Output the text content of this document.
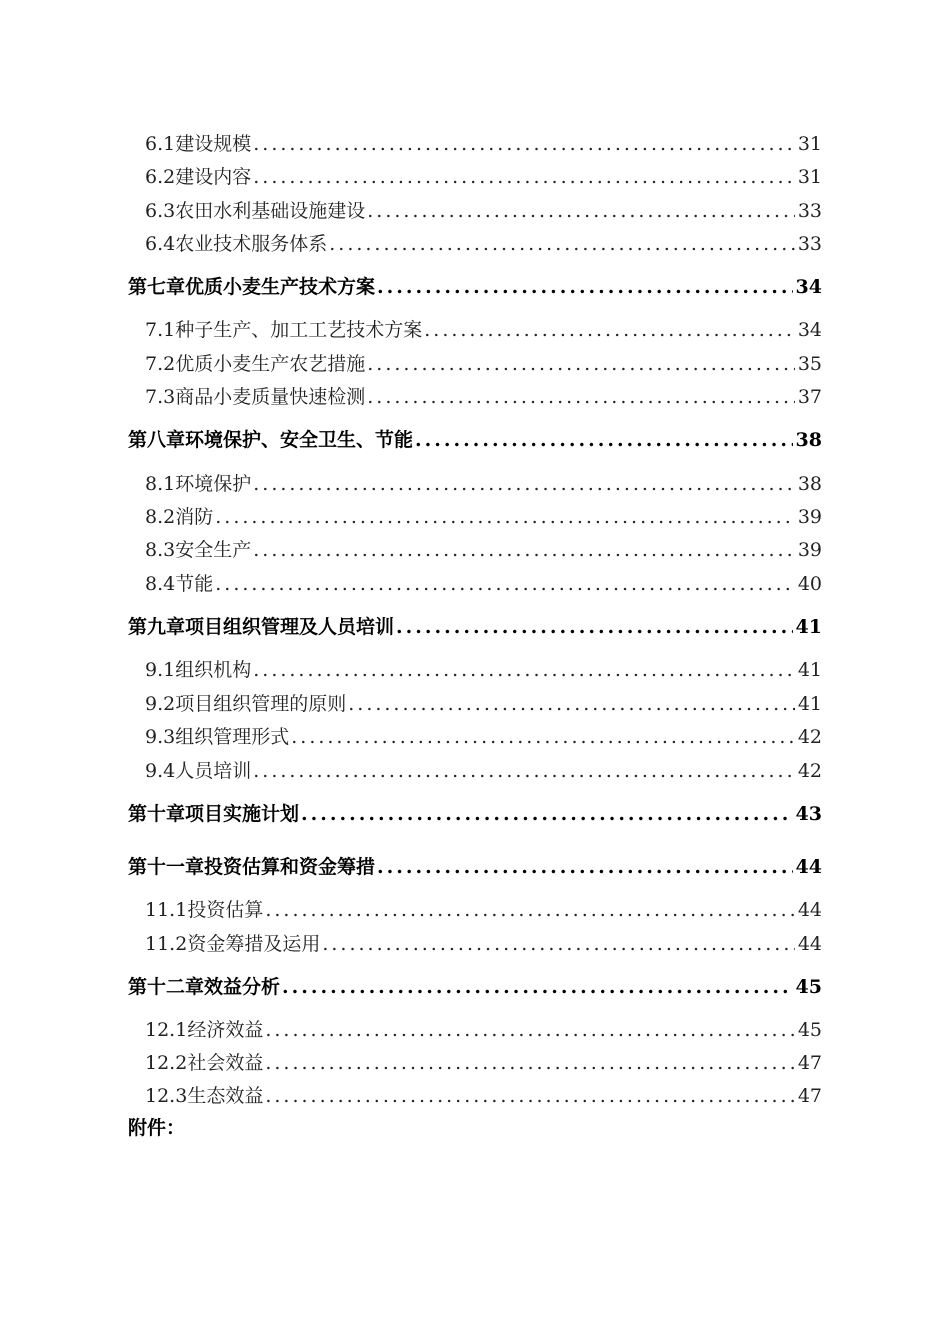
6.1 建设规模 .....	31
6.2 建设内容 .....	31
6.3 农田水利基础设施建设 .....	33
6.4 农业技术服务体系 .....	33
第七章 优质小麦生产技术方案 .....	34
7.1 种子生产、加工工艺技术方案 .....	34
7.2 优质小麦生产农艺措施 .....	35
7.3 商品小麦质量快速检测 .....	37
第八章 环境保护、安全卫生、节能 .....	38
8.1 环境保护 .....	38
8.2 消防 .....	39
8.3 安全生产 .....	39
8.4 节能 .....	40
第九章 项目组织管理及人员培训 .....	41
9.1 组织机构 .....	41
9.2 项目组织管理的原则 .....	41
9.3 组织管理形式 .....	42
9.4 人员培训 .....	42
第十章 项目实施计划 .....	43
第十一章 投资估算和资金筹措 .....	44
11.1 投资估算 .....	44
11.2 资金筹措及运用 .....	44
第十二章 效益分析 .....	45
12.1 经济效益 .....	45
12.2 社会效益 .....	47
12.3 生态效益 .....	47
附件：
